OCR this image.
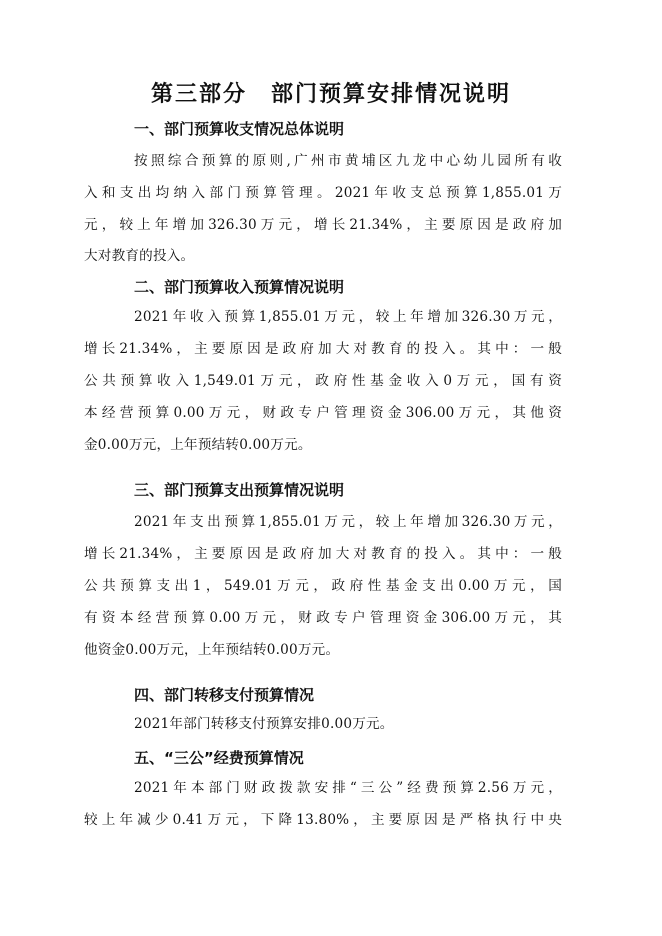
第三部分　部门预算安排情况说明
一、部门预算收支情况总体说明
按照综合预算的原则,广州市黄埔区九龙中心幼儿园所有收
入和支出均纳入部门预算管理。2021年收支总预算1,855.01万
元，较上年增加326.30万元，增长21.34%，主要原因是政府加
大对教育的投入。
二、部门预算收入预算情况说明
2021年收入预算1,855.01万元，较上年增加326.30万元，
增长21.34%，主要原因是政府加大对教育的投入。其中：一般
公共预算收入1,549.01万元，政府性基金收入0万元，国有资
本经营预算0.00万元，财政专户管理资金306.00万元，其他资
金0.00万元，上年预结转0.00万元。
三、部门预算支出预算情况说明
2021年支出预算1,855.01万元，较上年增加326.30万元，
增长21.34%，主要原因是政府加大对教育的投入。其中：一般
公共预算支出1，549.01万元，政府性基金支出0.00万元，国
有资本经营预算0.00万元，财政专户管理资金306.00万元，其
他资金0.00万元，上年预结转0.00万元。
四、部门转移支付预算情况
2021年部门转移支付预算安排0.00万元。
五、“三公”经费预算情况
2021年本部门财政拨款安排“三公”经费预算2.56万元，
较上年减少0.41万元，下降13.80%，主要原因是严格执行中央
